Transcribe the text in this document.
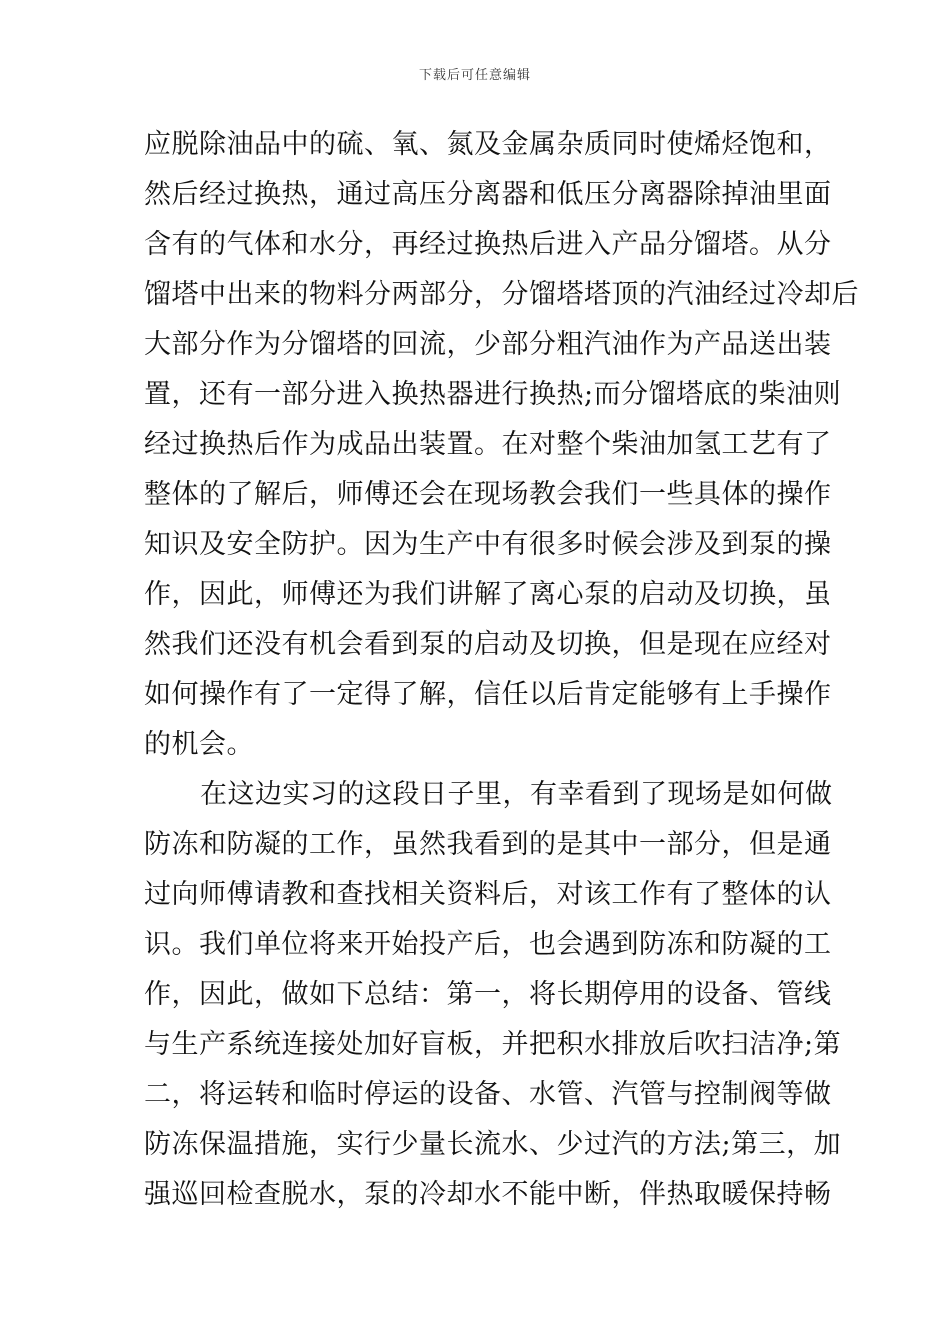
下载后可任意编辑
应脱除油品中的硫、氧、氮及金属杂质同时使烯烃饱和，
然后经过换热，通过高压分离器和低压分离器除掉油里面
含有的气体和水分，再经过换热后进入产品分馏塔。从分
馏塔中出来的物料分两部分，分馏塔塔顶的汽油经过冷却后
大部分作为分馏塔的回流，少部分粗汽油作为产品送出装
置，还有一部分进入换热器进行换热;而分馏塔底的柴油则
经过换热后作为成品出装置。在对整个柴油加氢工艺有了
整体的了解后，师傅还会在现场教会我们一些具体的操作
知识及安全防护。因为生产中有很多时候会涉及到泵的操
作，因此，师傅还为我们讲解了离心泵的启动及切换，虽
然我们还没有机会看到泵的启动及切换，但是现在应经对
如何操作有了一定得了解，信任以后肯定能够有上手操作
的机会。
在这边实习的这段日子里，有幸看到了现场是如何做
防冻和防凝的工作，虽然我看到的是其中一部分，但是通
过向师傅请教和查找相关资料后，对该工作有了整体的认
识。我们单位将来开始投产后，也会遇到防冻和防凝的工
作，因此，做如下总结：第一，将长期停用的设备、管线
与生产系统连接处加好盲板，并把积水排放后吹扫洁净;第
二，将运转和临时停运的设备、水管、汽管与控制阀等做
防冻保温措施，实行少量长流水、少过汽的方法;第三，加
强巡回检查脱水，泵的冷却水不能中断，伴热取暖保持畅
